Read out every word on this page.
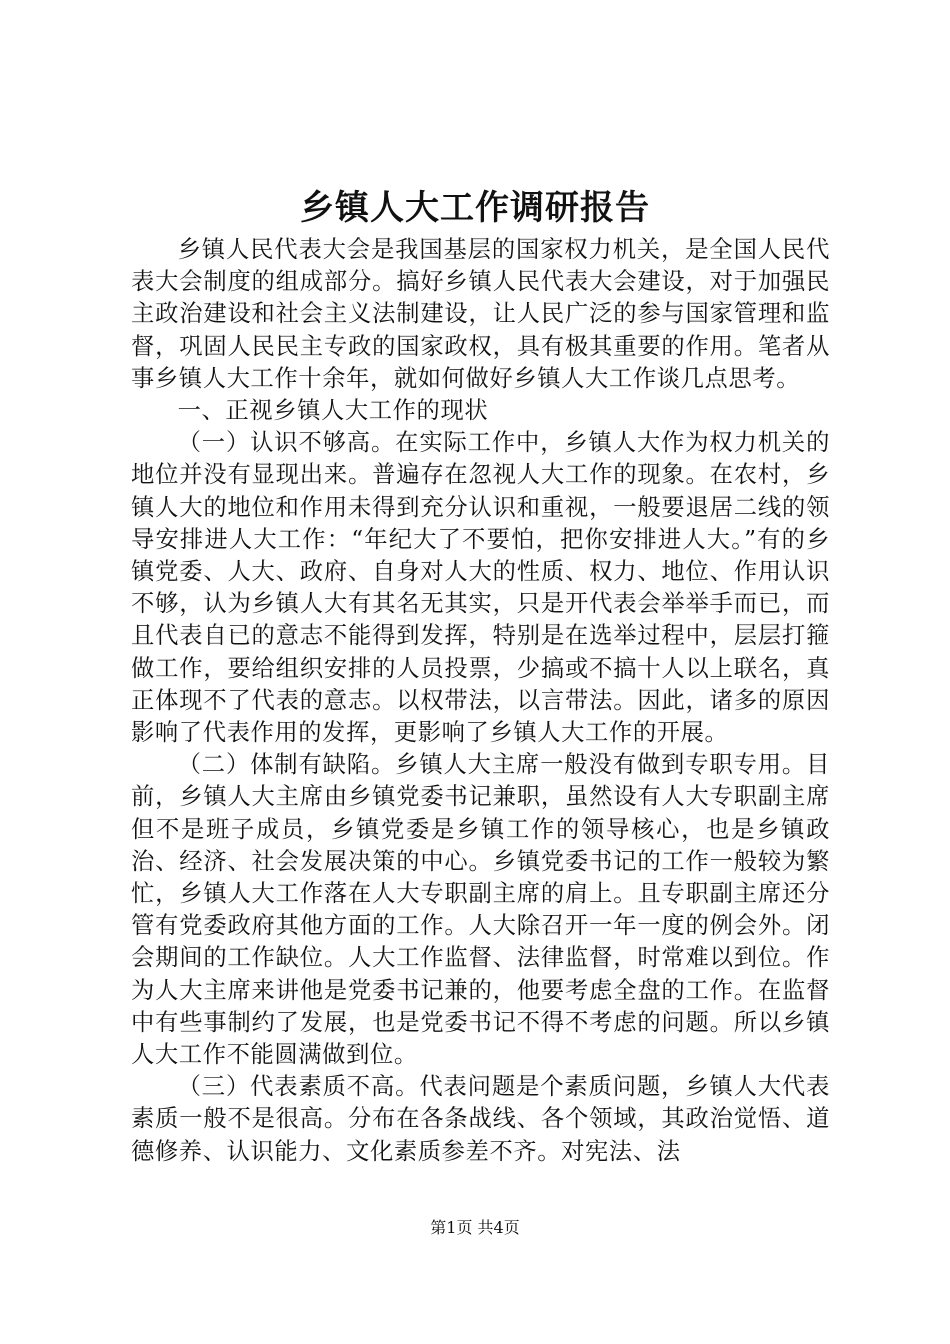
乡镇人大工作调研报告

乡镇人民代表大会是我国基层的国家权力机关，是全国人民代表大会制度的组成部分。搞好乡镇人民代表大会建设，对于加强民主政治建设和社会主义法制建设，让人民广泛的参与国家管理和监督，巩固人民民主专政的国家政权，具有极其重要的作用。笔者从事乡镇人大工作十余年，就如何做好乡镇人大工作谈几点思考。

一、正视乡镇人大工作的现状

（一）认识不够高。在实际工作中，乡镇人大作为权力机关的地位并没有显现出来。普遍存在忽视人大工作的现象。在农村，乡镇人大的地位和作用未得到充分认识和重视，一般要退居二线的领导安排进人大工作：“年纪大了不要怕，把你安排进人大。”有的乡镇党委、人大、政府、自身对人大的性质、权力、地位、作用认识不够，认为乡镇人大有其名无其实，只是开代表会举举手而已，而且代表自已的意志不能得到发挥，特别是在选举过程中，层层打箍做工作，要给组织安排的人员投票，少搞或不搞十人以上联名，真正体现不了代表的意志。以权带法，以言带法。因此，诸多的原因影响了代表作用的发挥，更影响了乡镇人大工作的开展。

（二）体制有缺陷。乡镇人大主席一般没有做到专职专用。目前，乡镇人大主席由乡镇党委书记兼职，虽然设有人大专职副主席但不是班子成员，乡镇党委是乡镇工作的领导核心，也是乡镇政治、经济、社会发展决策的中心。乡镇党委书记的工作一般较为繁忙，乡镇人大工作落在人大专职副主席的肩上。且专职副主席还分管有党委政府其他方面的工作。人大除召开一年一度的例会外。闭会期间的工作缺位。人大工作监督、法律监督，时常难以到位。作为人大主席来讲他是党委书记兼的，他要考虑全盘的工作。在监督中有些事制约了发展，也是党委书记不得不考虑的问题。所以乡镇人大工作不能圆满做到位。

（三）代表素质不高。代表问题是个素质问题，乡镇人大代表素质一般不是很高。分布在各条战线、各个领域，其政治觉悟、道德修养、认识能力、文化素质参差不齐。对宪法、法

第1页 共4页
